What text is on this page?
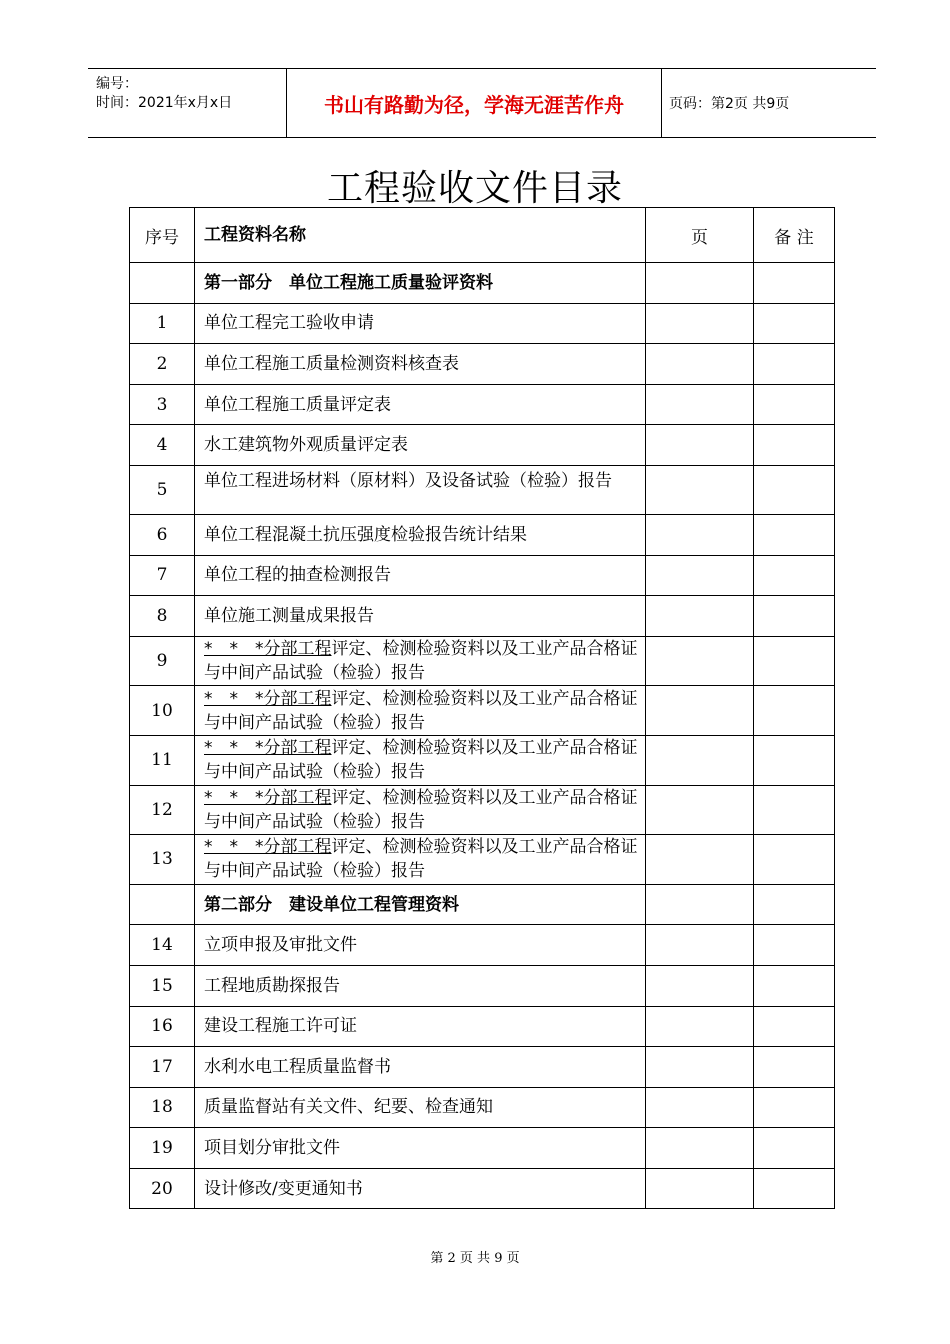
编号：
时间：2021年x月x日	书山有路勤为径，学海无涯苦作舟	页码：第2页 共9页
工程验收文件目录
序号	工程资料名称	页	备 注
	第一部分　单位工程施工质量验评资料		
1	单位工程完工验收申请		
2	单位工程施工质量检测资料核查表		
3	单位工程施工质量评定表		
4	水工建筑物外观质量评定表		
5	单位工程进场材料（原材料）及设备试验（检验）报告		

6	单位工程混凝土抗压强度检验报告统计结果		
7	单位工程的抽查检测报告		
8	单位施工测量成果报告		
9	*　*　*分部工程评定、检测检验资料以及工业产品合格证与中间产品试验（检验）报告		
10	*　*　*分部工程评定、检测检验资料以及工业产品合格证与中间产品试验（检验）报告		
11	*　*　*分部工程评定、检测检验资料以及工业产品合格证与中间产品试验（检验）报告		
12	*　*　*分部工程评定、检测检验资料以及工业产品合格证与中间产品试验（检验）报告		
13	*　*　*分部工程评定、检测检验资料以及工业产品合格证与中间产品试验（检验）报告		
	第二部分　建设单位工程管理资料		
14	立项申报及审批文件		
15	工程地质勘探报告		
16	建设工程施工许可证		
17	水利水电工程质量监督书		
18	质量监督站有关文件、纪要、检查通知		
19	项目划分审批文件		
20	设计修改/变更通知书		
第 2 页 共 9 页
